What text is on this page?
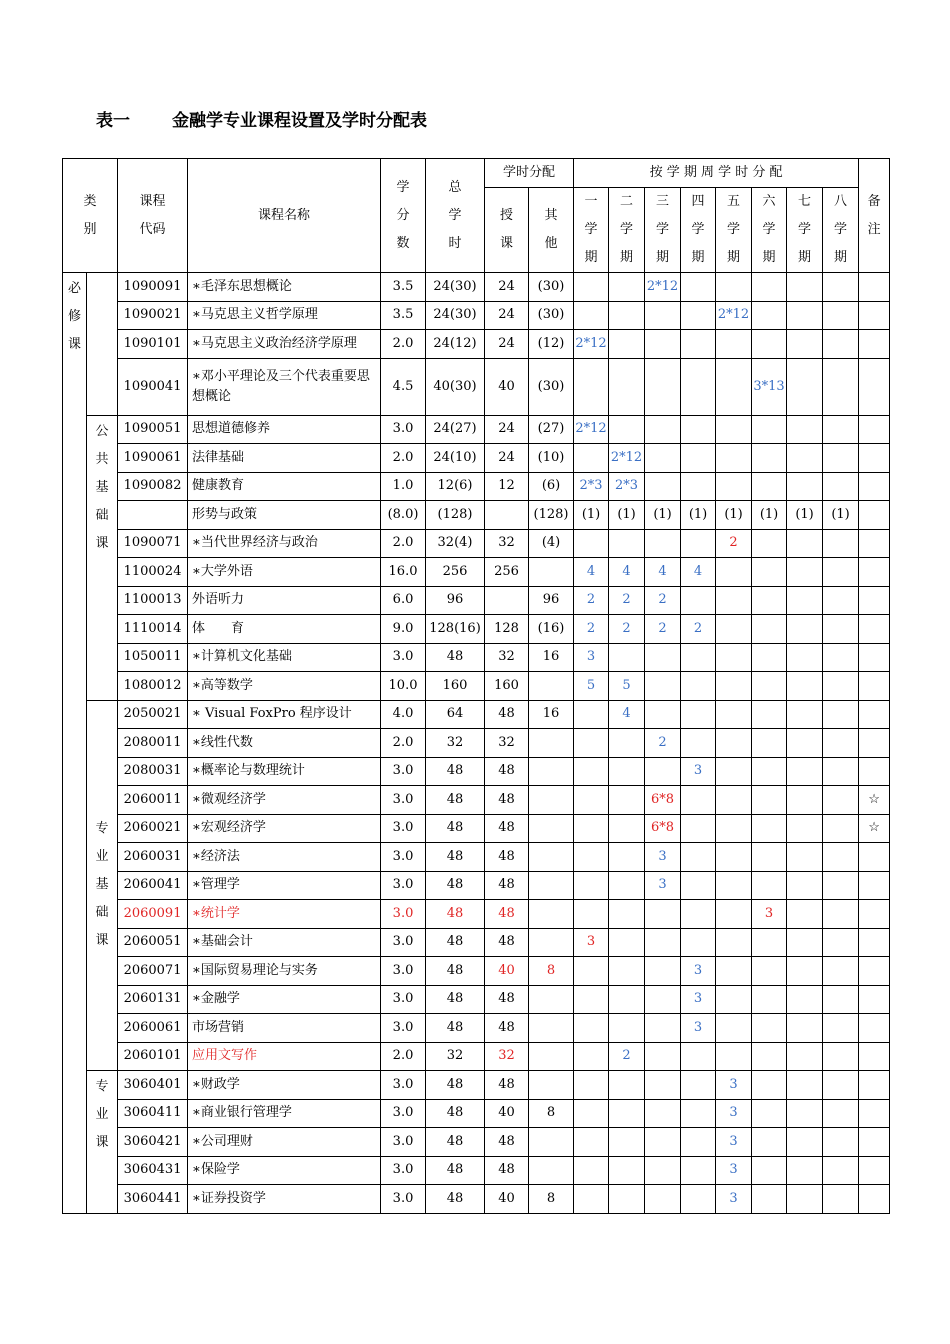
表一 金融学专业课程设置及学时分配表
类
别		课程
代码	课程名称	学
分
数	总
学
时	学时分配		按 学 期 周 学 时 分 配								备
注

						授
课	其
他	一
学
期	二
学
期	三
学
期	四
学
期	五
学
期	六
学
期	七
学
期	八
学
期	

必
修
课		1090091	∗毛泽东思想概论	3.5	24(30)	24	(30)			2*12						
		1090021	∗马克思主义哲学原理	3.5	24(30)	24	(30)					2*12				
		1090101	∗马克思主义政治经济学原理	2.0	24(12)	24	(12)	2*12								
		1090041	∗邓小平理论及三个代表重要思想概论	4.5	40(30)	40	(30)						3*13			

	公
共
基
础
课	1090051	思想道德修养	3.0	24(27)	24	(27)	2*12								
		1090061	法律基础	2.0	24(10)	24	(10)		2*12							
		1090082	健康教育	1.0	12(6)	12	(6)	2*3	2*3							
			形势与政策	(8.0)	(128)		(128)	(1)	(1)	(1)	(1)	(1)	(1)	(1)	(1)	
		1090071	∗当代世界经济与政治	2.0	32(4)	32	(4)					2				
		1100024	∗大学外语	16.0	256	256		4	4	4	4					
		1100013	外语听力	6.0	96		96	2	2	2						
		1110014	体　　育	9.0	128(16)	128	(16)	2	2	2	2					
		1050011	∗计算机文化基础	3.0	48	32	16	3								
		1080012	∗高等数学	10.0	160	160		5	5							

	专
业
基
础
课	2050021	∗ Visual FoxPro 程序设计	4.0	64	48	16		4							
		2080011	∗线性代数	2.0	32	32				2						
		2080031	∗概率论与数理统计	3.0	48	48					3					
		2060011	∗微观经济学	3.0	48	48				6*8						☆
		2060021	∗宏观经济学	3.0	48	48				6*8						☆
		2060031	∗经济法	3.0	48	48				3						
		2060041	∗管理学	3.0	48	48				3						
		2060091	∗统计学	3.0	48	48							3			
		2060051	∗基础会计	3.0	48	48		3								
		2060071	∗国际贸易理论与实务	3.0	48	40	8				3					
		2060131	∗金融学	3.0	48	48					3					
		2060061	市场营销	3.0	48	48					3					
		2060101	应用文写作	2.0	32	32			2							

	专
业
课	3060401	∗财政学	3.0	48	48						3				
		3060411	∗商业银行管理学	3.0	48	40	8					3				
		3060421	∗公司理财	3.0	48	48						3				
		3060431	∗保险学	3.0	48	48						3				
		3060441	∗证券投资学	3.0	48	40	8					3				
